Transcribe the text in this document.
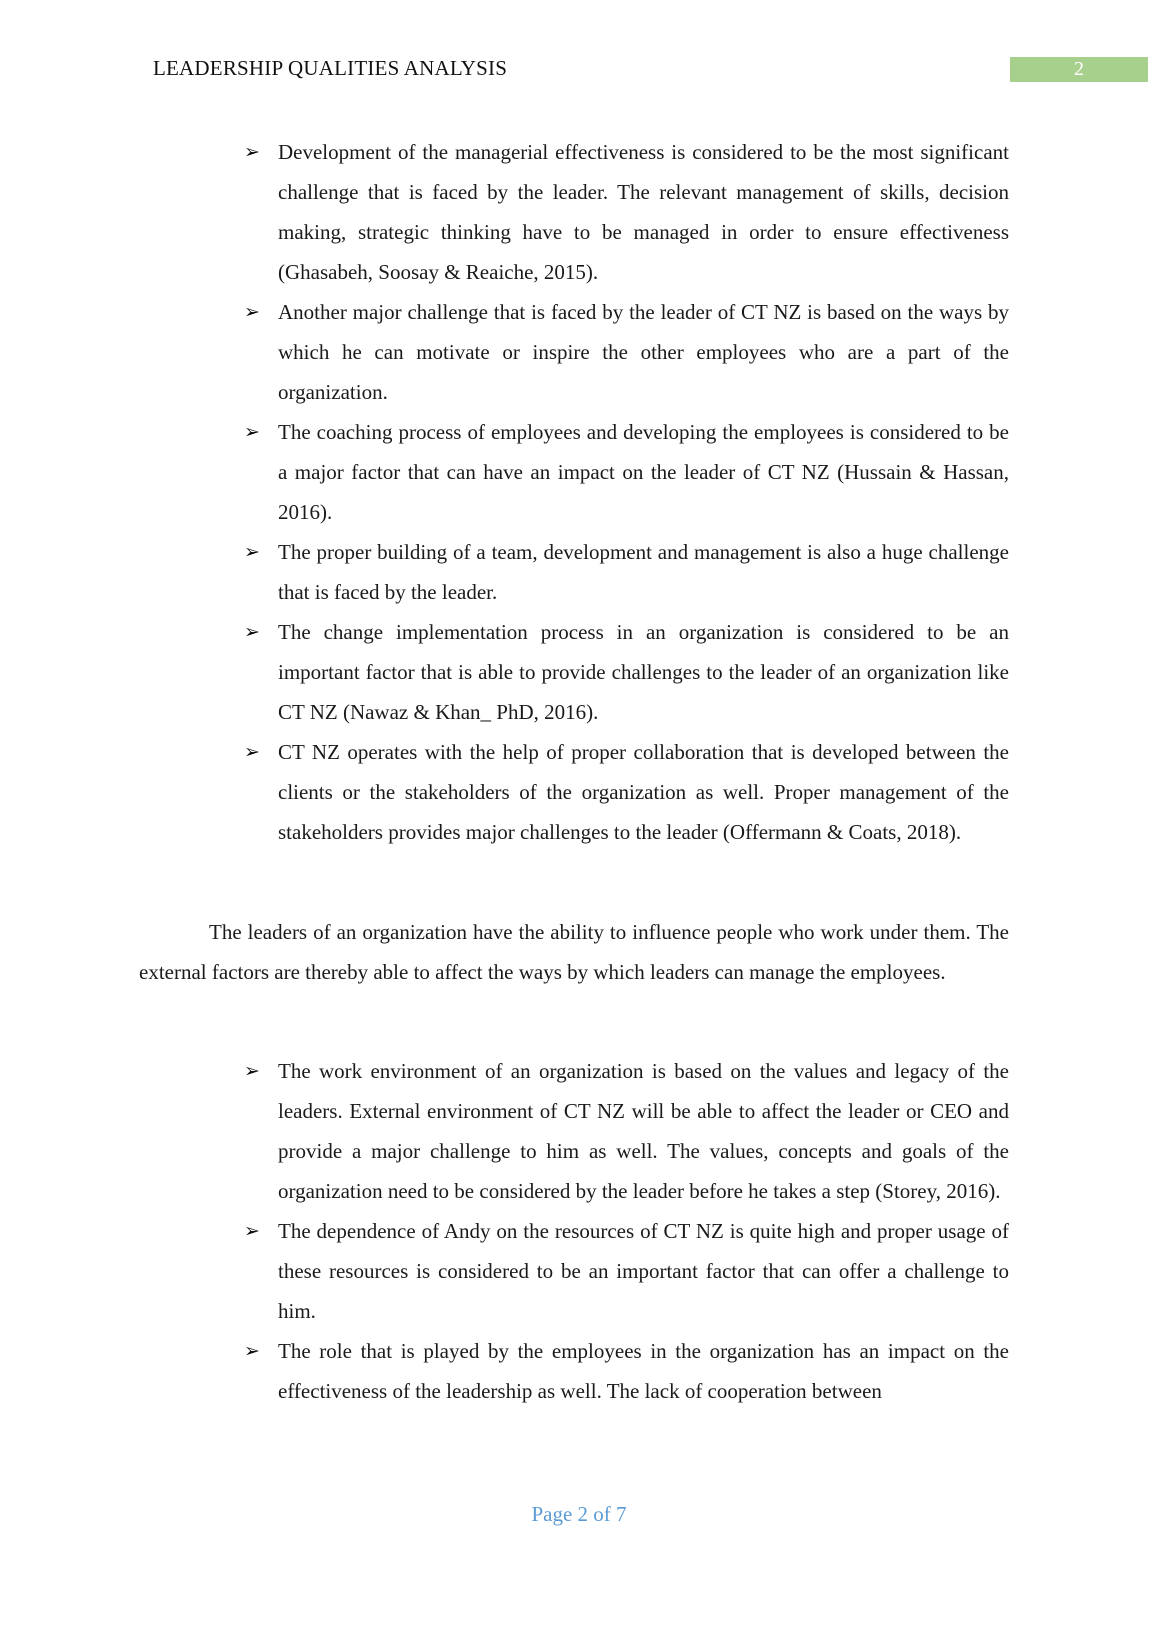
LEADERSHIP QUALITIES ANALYSIS	2
➢ Development of the managerial effectiveness is considered to be the most significant challenge that is faced by the leader. The relevant management of skills, decision making, strategic thinking have to be managed in order to ensure effectiveness (Ghasabeh, Soosay & Reaiche, 2015).
➢ Another major challenge that is faced by the leader of CT NZ is based on the ways by which he can motivate or inspire the other employees who are a part of the organization.
➢ The coaching process of employees and developing the employees is considered to be a major factor that can have an impact on the leader of CT NZ (Hussain & Hassan, 2016).
➢ The proper building of a team, development and management is also a huge challenge that is faced by the leader.
➢ The change implementation process in an organization is considered to be an important factor that is able to provide challenges to the leader of an organization like CT NZ (Nawaz & Khan_ PhD, 2016).
➢ CT NZ operates with the help of proper collaboration that is developed between the clients or the stakeholders of the organization as well. Proper management of the stakeholders provides major challenges to the leader (Offermann & Coats, 2018).

The leaders of an organization have the ability to influence people who work under them. The external factors are thereby able to affect the ways by which leaders can manage the employees.

➢ The work environment of an organization is based on the values and legacy of the leaders. External environment of CT NZ will be able to affect the leader or CEO and provide a major challenge to him as well. The values, concepts and goals of the organization need to be considered by the leader before he takes a step (Storey, 2016).
➢ The dependence of Andy on the resources of CT NZ is quite high and proper usage of these resources is considered to be an important factor that can offer a challenge to him.
➢ The role that is played by the employees in the organization has an impact on the effectiveness of the leadership as well. The lack of cooperation between
Page 2 of 7
